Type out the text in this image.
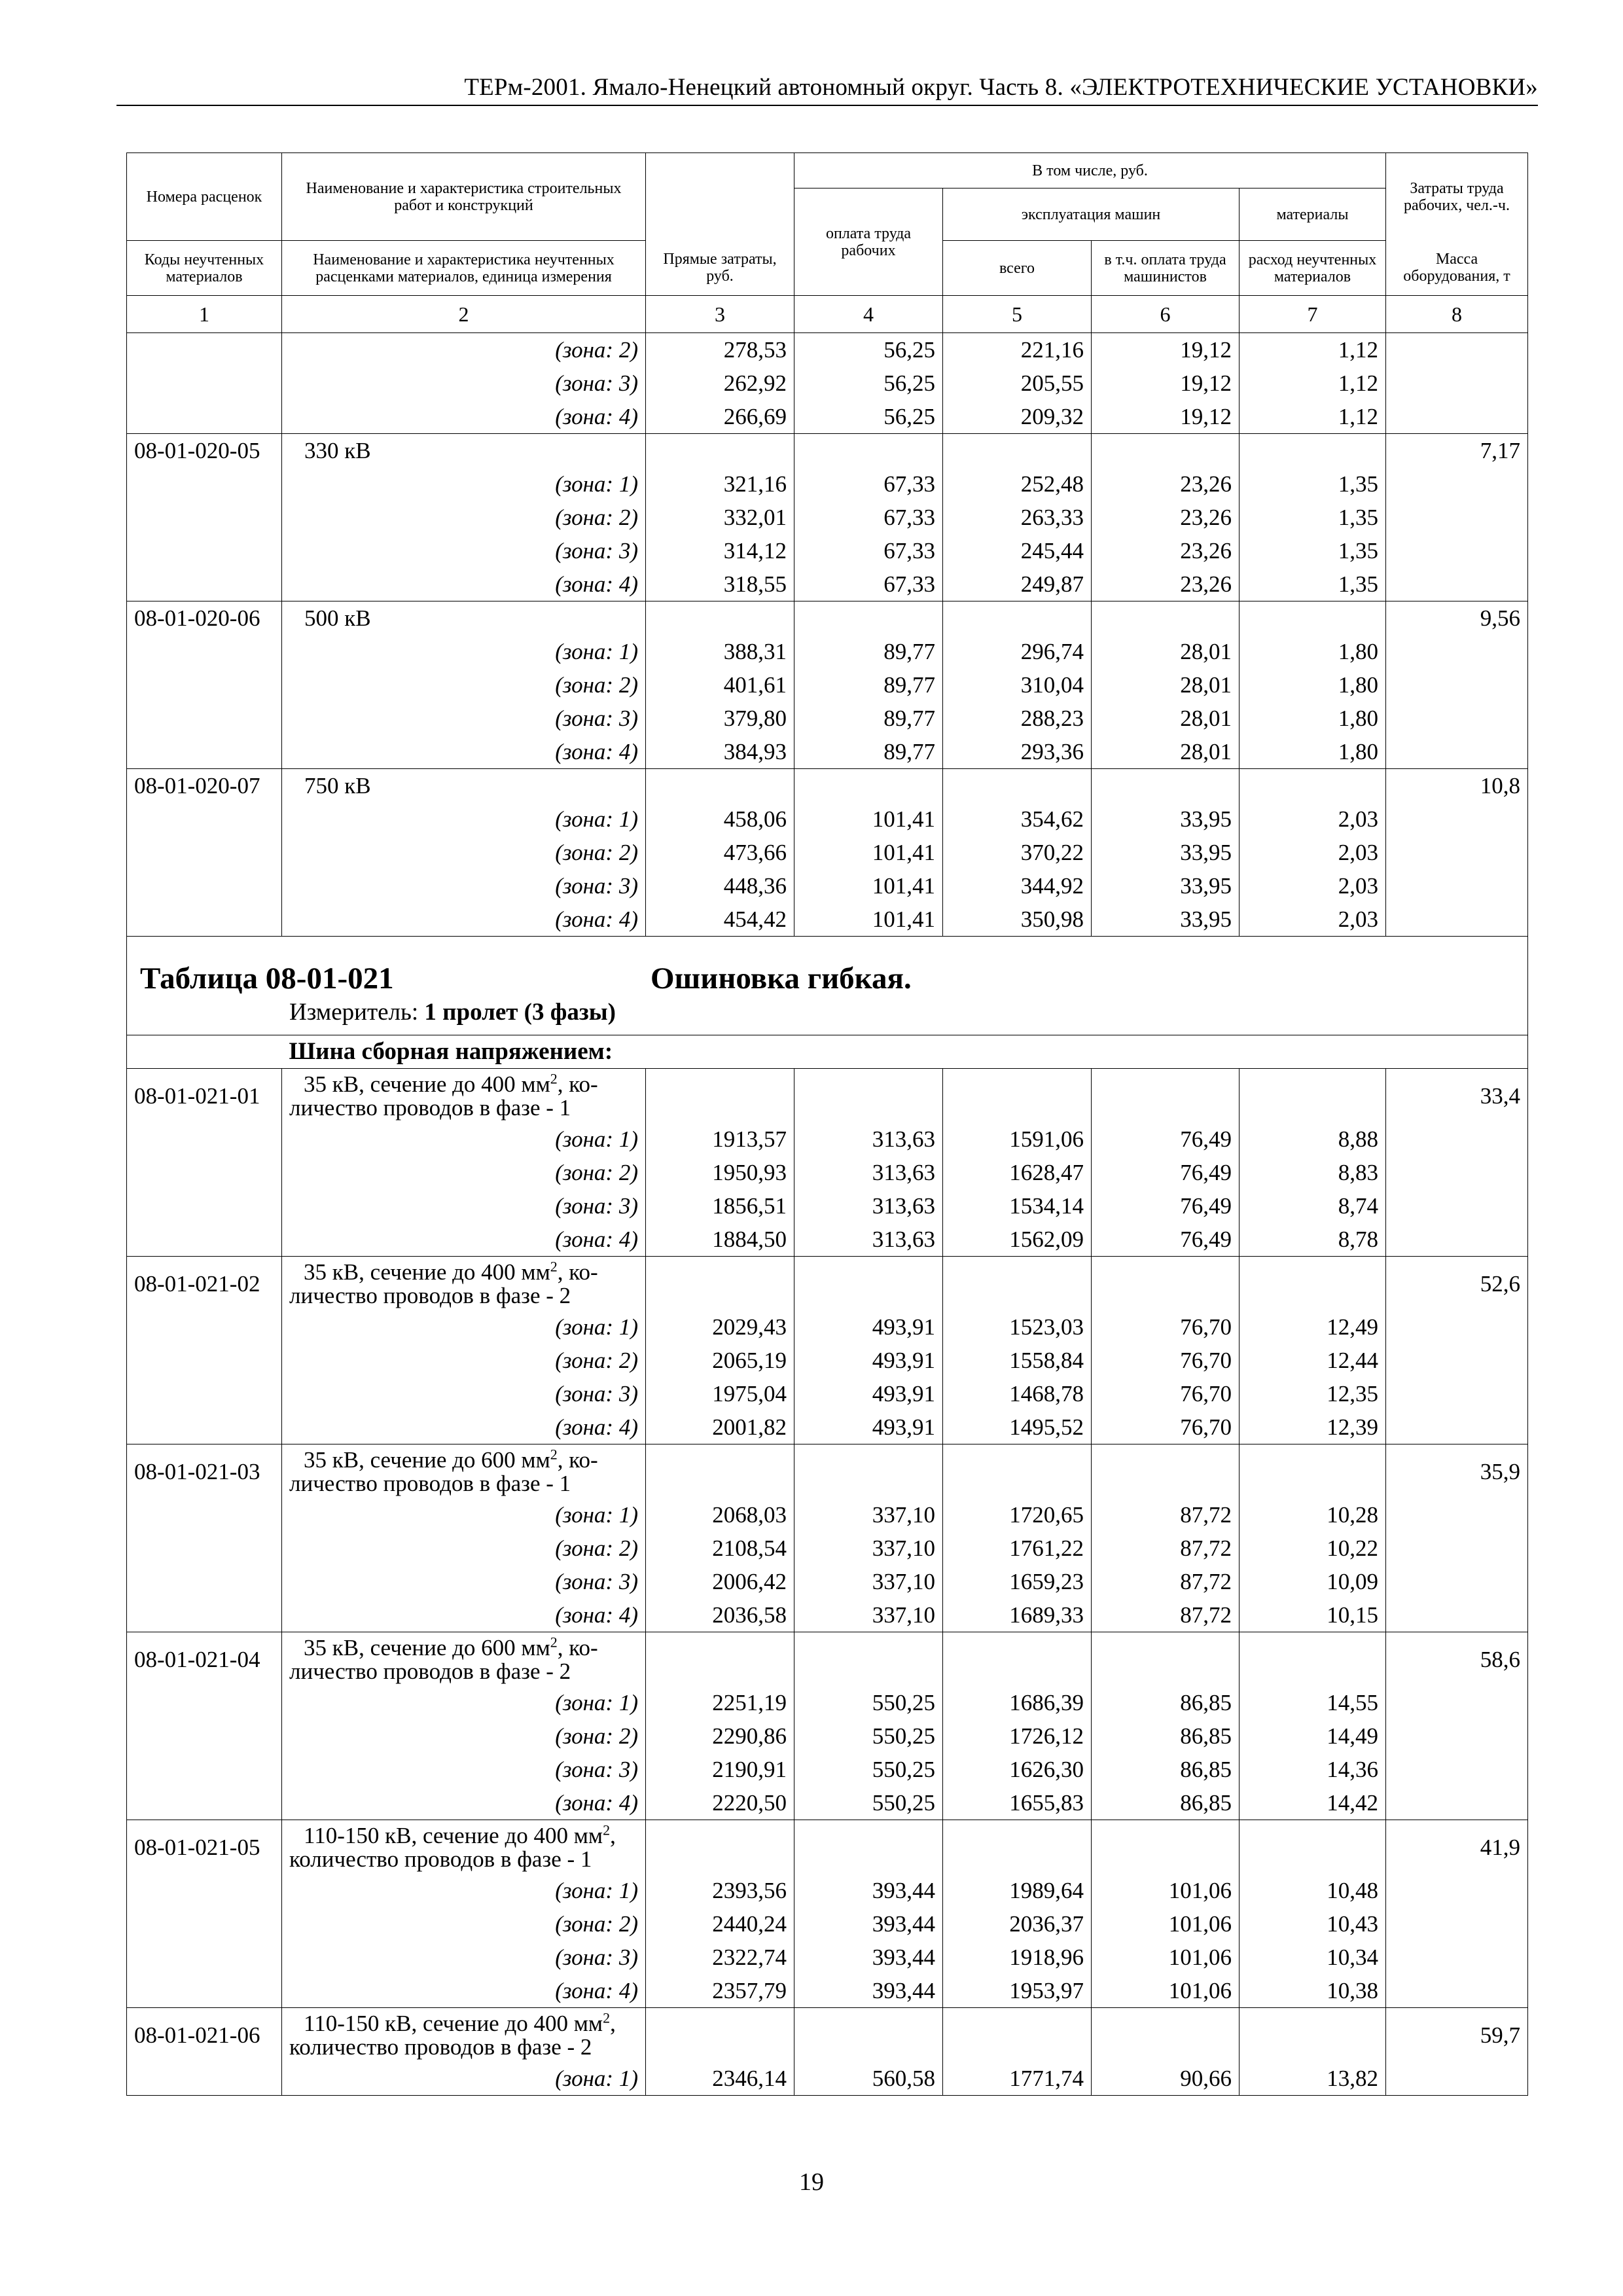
ТЕРм-2001. Ямало-Ненецкий автономный округ. Часть 8. «ЭЛЕКТРОТЕХНИЧЕСКИЕ УСТАНОВКИ»
Номера расценок	Наименование и характеристика строительных работ и конструкций		В том числе, руб.				Затраты труда рабочих, чел.-ч.
			оплата труда рабочих	эксплуатация машин		материалы	
Коды неучтенных материалов	Наименование и характеристика неучтенных расценками материалов, единица измерения	Прямые затраты, руб.		всего	в т.ч. оплата труда машинистов	расход неучтенных материалов	Масса оборудования, т
1	2	3	4	5	6	7	8
	(зона: 2)	278,53	56,25	221,16	19,12	1,12	
	(зона: 3)	262,92	56,25	205,55	19,12	1,12	
	(зона: 4)	266,69	56,25	209,32	19,12	1,12	
08-01-020-05	330 кВ						7,17
	(зона: 1)	321,16	67,33	252,48	23,26	1,35	
	(зона: 2)	332,01	67,33	263,33	23,26	1,35	
	(зона: 3)	314,12	67,33	245,44	23,26	1,35	
	(зона: 4)	318,55	67,33	249,87	23,26	1,35	
08-01-020-06	500 кВ						9,56
	(зона: 1)	388,31	89,77	296,74	28,01	1,80	
	(зона: 2)	401,61	89,77	310,04	28,01	1,80	
	(зона: 3)	379,80	89,77	288,23	28,01	1,80	
	(зона: 4)	384,93	89,77	293,36	28,01	1,80	
08-01-020-07	750 кВ						10,8
	(зона: 1)	458,06	101,41	354,62	33,95	2,03	
	(зона: 2)	473,66	101,41	370,22	33,95	2,03	
	(зона: 3)	448,36	101,41	344,92	33,95	2,03	
	(зона: 4)	454,42	101,41	350,98	33,95	2,03	

Таблица 08-01-021 Ошиновка гибкая.
Измеритель: 1 пролет (3 фазы)							

	Шина сборная напряжением:						
08-01-021-01	35 кВ, сечение до 400 $мм^2$, ко-
личество проводов в фазе - 1						33,4
	(зона: 1)	1913,57	313,63	1591,06	76,49	8,88	
	(зона: 2)	1950,93	313,63	1628,47	76,49	8,83	
	(зона: 3)	1856,51	313,63	1534,14	76,49	8,74	
	(зона: 4)	1884,50	313,63	1562,09	76,49	8,78	
08-01-021-02	35 кВ, сечение до 400 $мм^2$, ко-
личество проводов в фазе - 2						52,6
	(зона: 1)	2029,43	493,91	1523,03	76,70	12,49	
	(зона: 2)	2065,19	493,91	1558,84	76,70	12,44	
	(зона: 3)	1975,04	493,91	1468,78	76,70	12,35	
	(зона: 4)	2001,82	493,91	1495,52	76,70	12,39	
08-01-021-03	35 кВ, сечение до 600 $мм^2$, ко-
личество проводов в фазе - 1						35,9
	(зона: 1)	2068,03	337,10	1720,65	87,72	10,28	
	(зона: 2)	2108,54	337,10	1761,22	87,72	10,22	
	(зона: 3)	2006,42	337,10	1659,23	87,72	10,09	
	(зона: 4)	2036,58	337,10	1689,33	87,72	10,15	
08-01-021-04	35 кВ, сечение до 600 $мм^2$, ко-
личество проводов в фазе - 2						58,6
	(зона: 1)	2251,19	550,25	1686,39	86,85	14,55	
	(зона: 2)	2290,86	550,25	1726,12	86,85	14,49	
	(зона: 3)	2190,91	550,25	1626,30	86,85	14,36	
	(зона: 4)	2220,50	550,25	1655,83	86,85	14,42	
08-01-021-05	110-150 кВ, сечение до 400 $мм^2$,
количество проводов в фазе - 1						41,9
	(зона: 1)	2393,56	393,44	1989,64	101,06	10,48	
	(зона: 2)	2440,24	393,44	2036,37	101,06	10,43	
	(зона: 3)	2322,74	393,44	1918,96	101,06	10,34	
	(зона: 4)	2357,79	393,44	1953,97	101,06	10,38	
08-01-021-06	110-150 кВ, сечение до 400 $мм^2$,
количество проводов в фазе - 2						59,7
	(зона: 1)	2346,14	560,58	1771,74	90,66	13,82	
19
